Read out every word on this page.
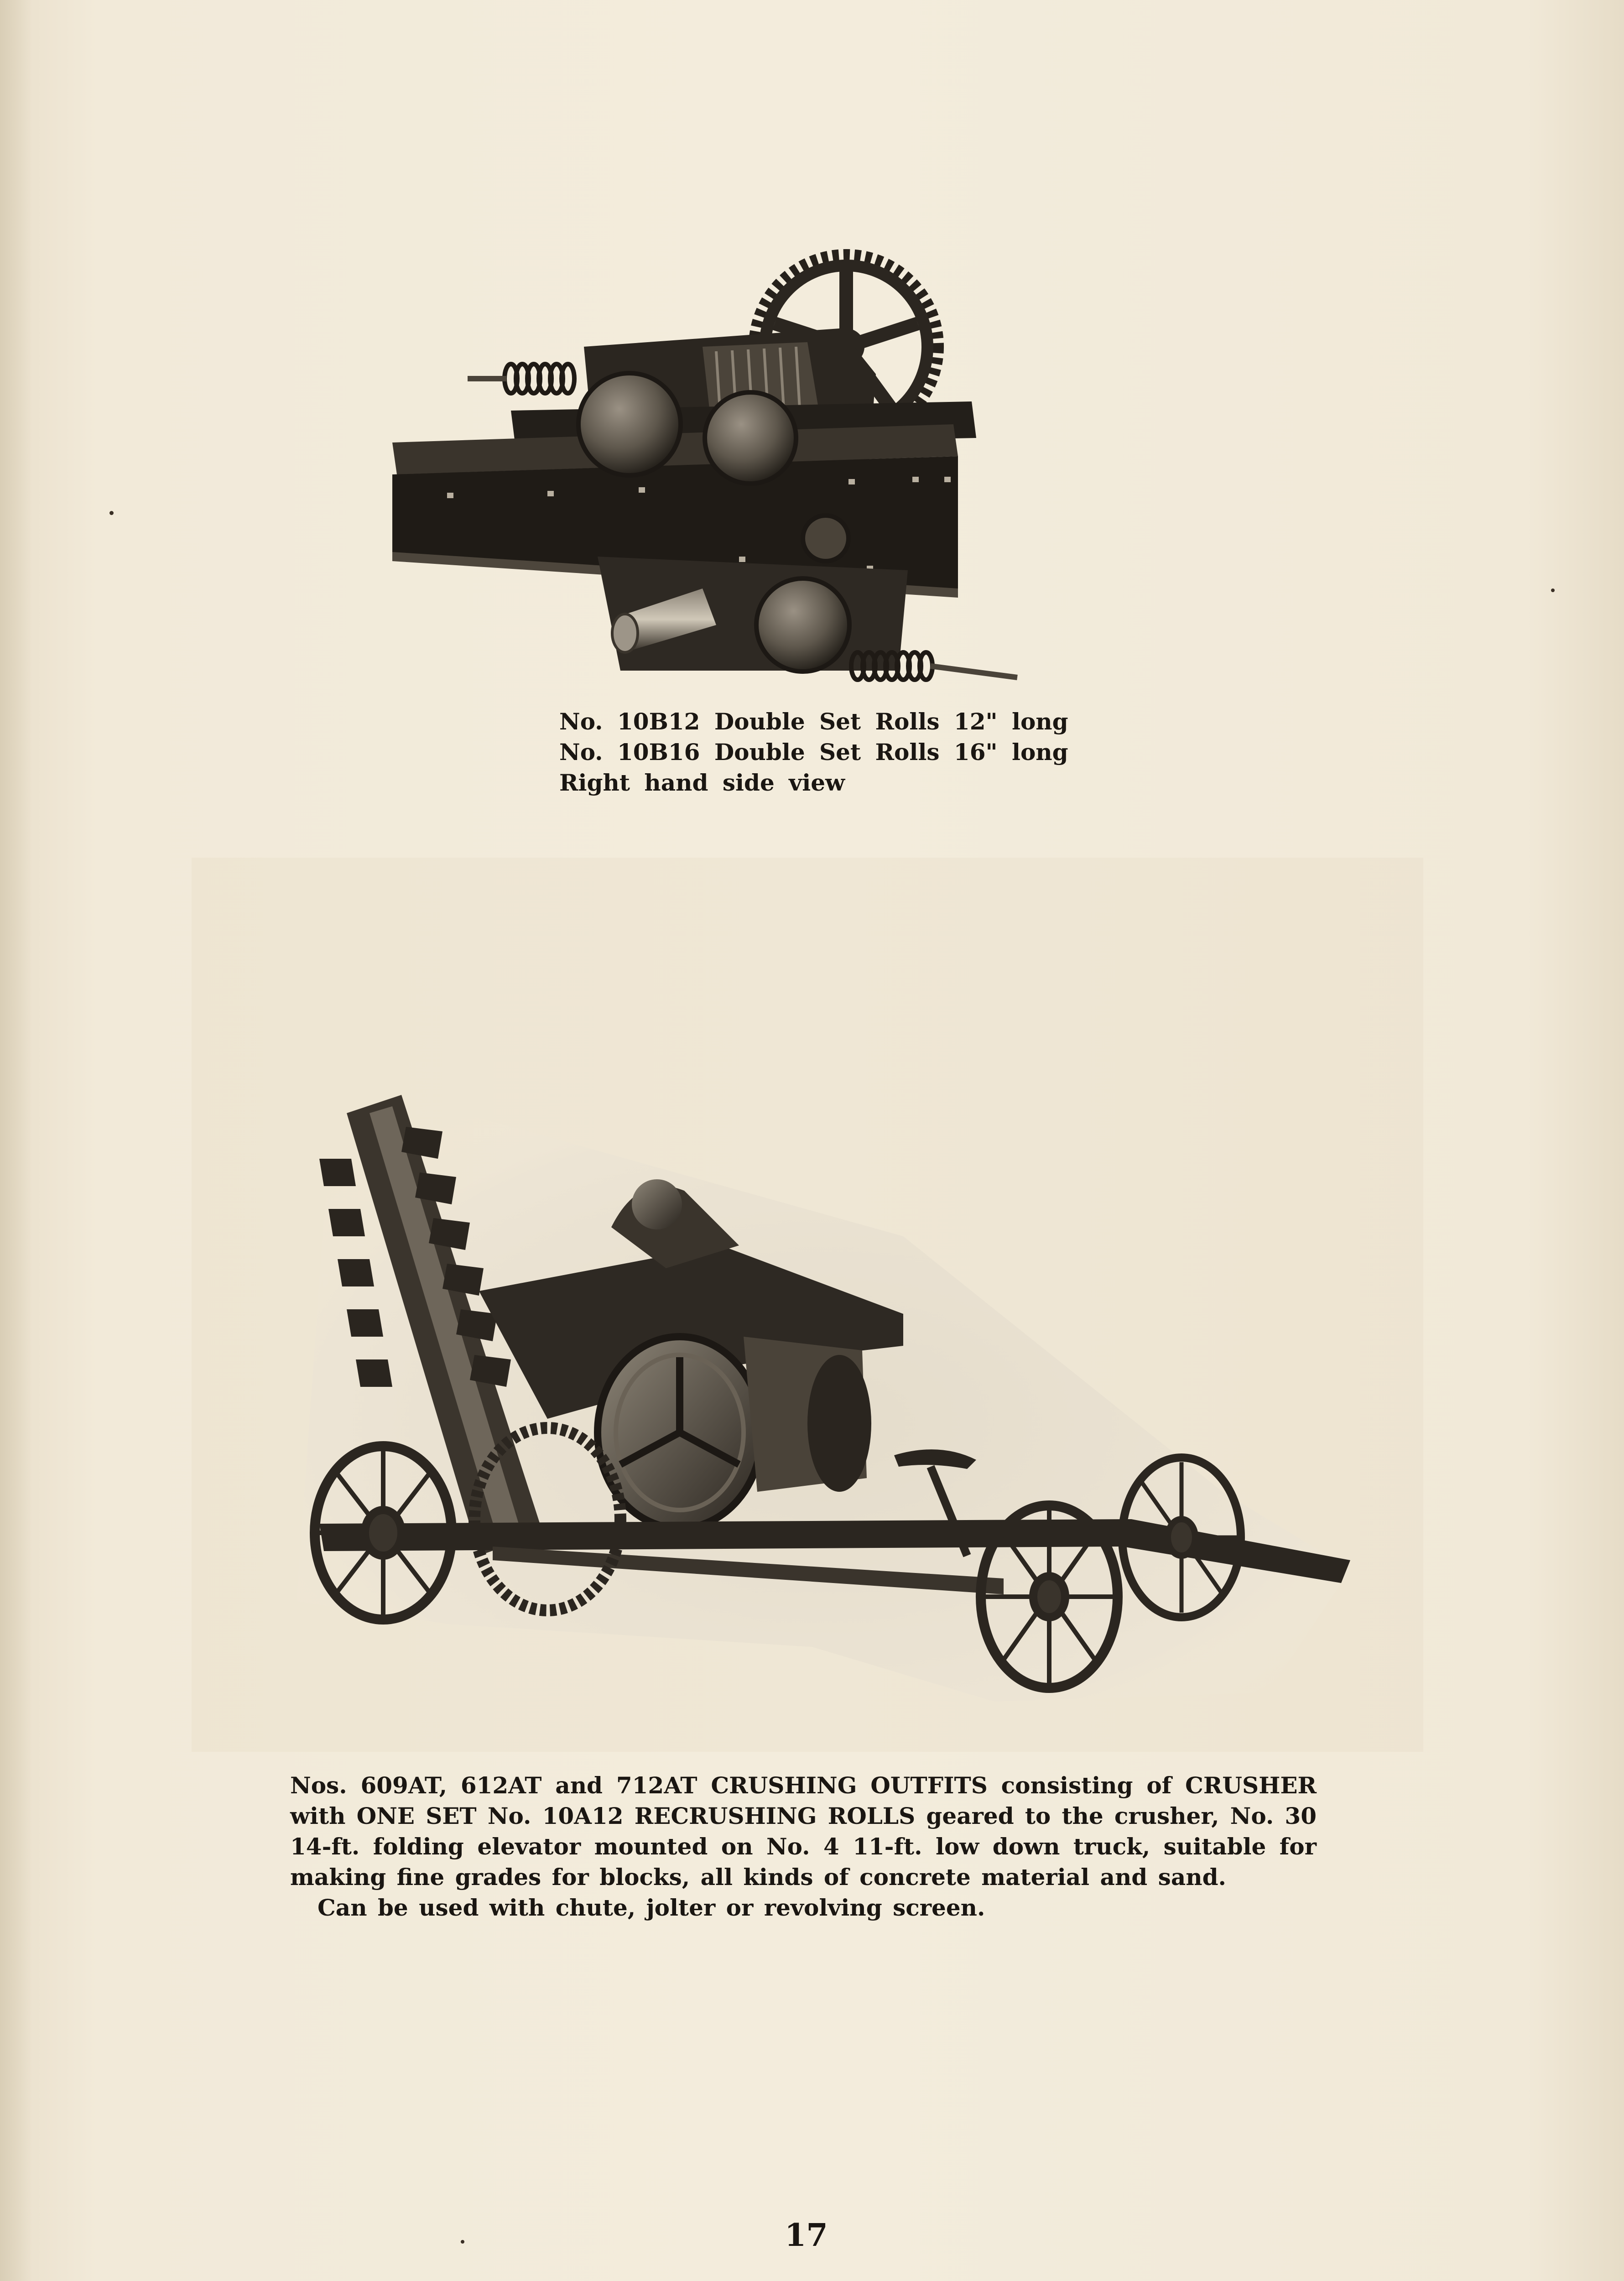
No. 10B12 Double Set Rolls 12" long
No. 10B16 Double Set Rolls 16" long
Right hand side view
Nos. 609AT, 612AT and 712AT CRUSHING OUTFITS consisting of CRUSHER with ONE SET No. 10A12 RECRUSHING ROLLS geared to the crusher, No. 30 14-ft. folding elevator mounted on No. 4 11-ft. low down truck, suitable for making fine grades for blocks, all kinds of concrete material and sand.
Can be used with chute, jolter or revolving screen.
17
